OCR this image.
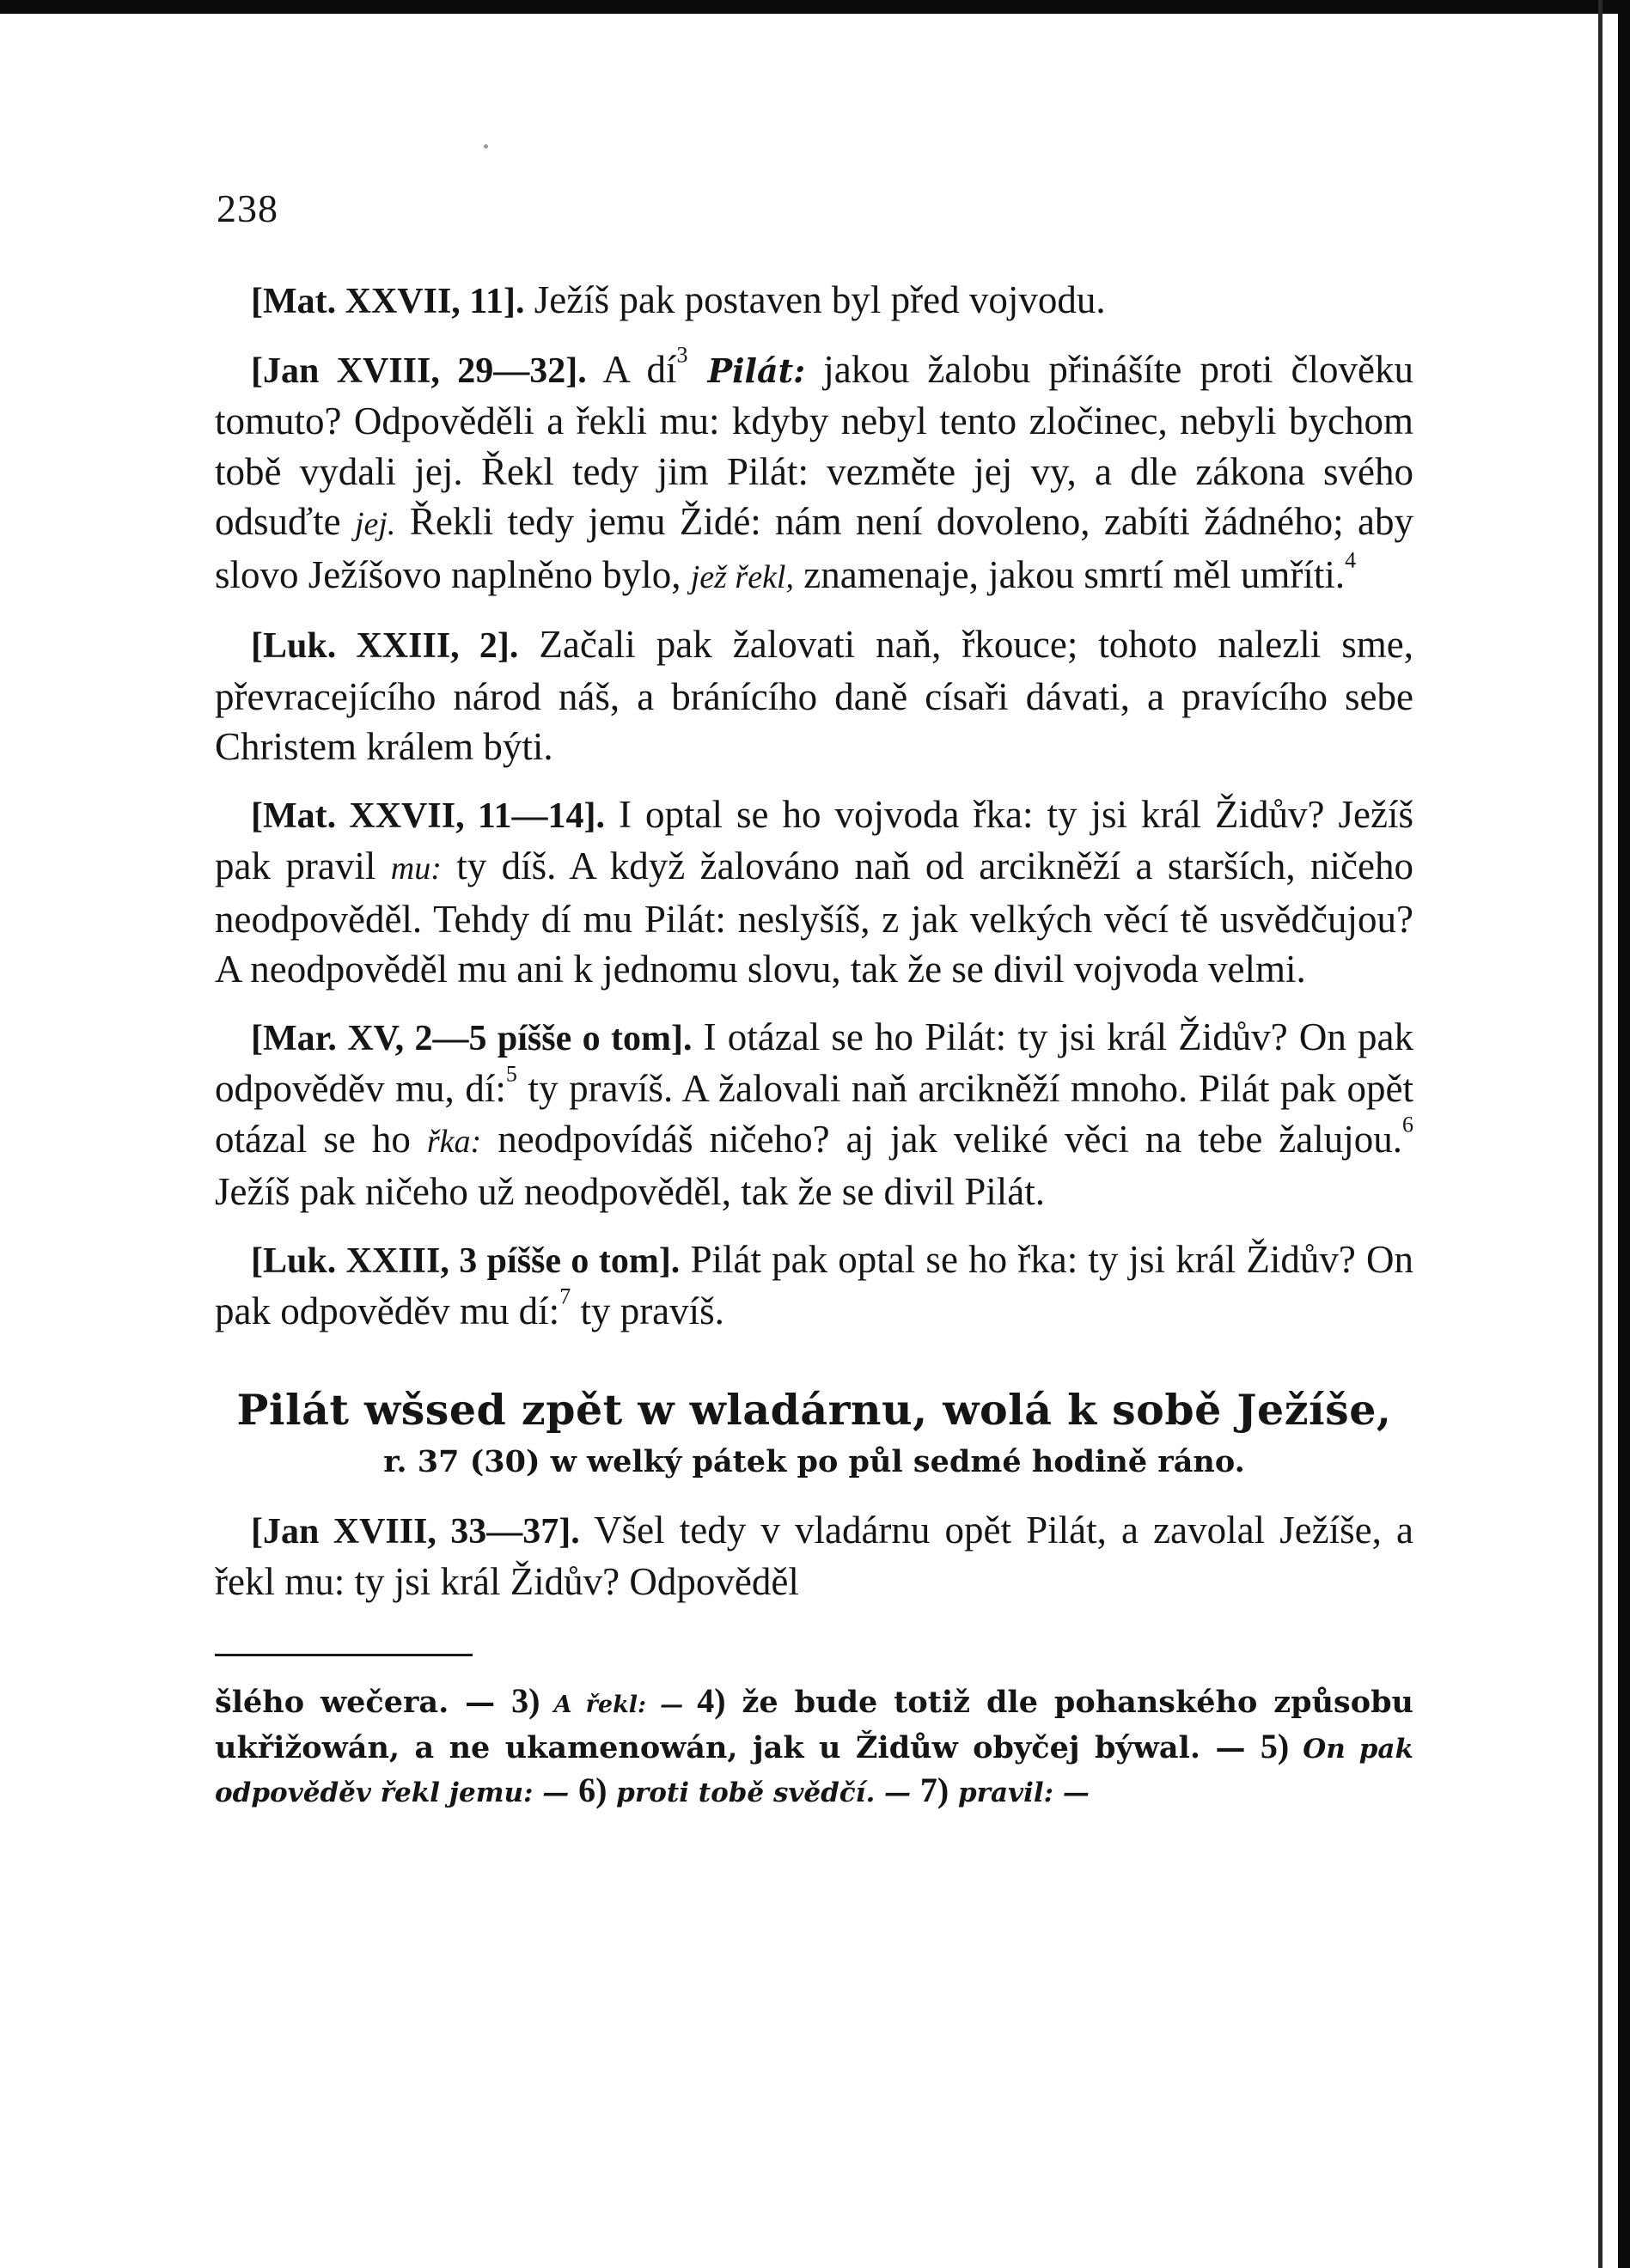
238

[Mat. XXVII, 11]. Ježíš pak postaven byl před vojvodu.

[Jan XVIII, 29—32]. A $dí^3$ Pilát: jakou žalobu přinášíte proti člověku tomuto? Odpověděli a řekli mu: kdyby nebyl tento zločinec, nebyli bychom tobě vydali jej. Řekl tedy jim Pilát: vezměte jej vy, a dle zákona svého odsuďte jej. Řekli tedy jemu Židé: nám není dovoleno, zabíti žádného; aby slovo Ježíšovo naplněno bylo, jež řekl, znamenaje, jakou smrtí měl umříti.$^4$

[Luk. XXIII, 2]. Začali pak žalovati naň, řkouce; tohoto nalezli sme, převracejícího národ náš, a bránícího daně císaři dávati, a pravícího sebe Christem králem býti.

[Mat. XXVII, 11—14]. I optal se ho vojvoda řka: ty jsi král Židův? Ježíš pak pravil mu: ty díš. A když žalováno naň od arcikněží a starších, ničeho neodpověděl. Tehdy dí mu Pilát: neslyšíš, z jak velkých věcí tě usvědčujou? A neodpověděl mu ani k jednomu slovu, tak že se divil vojvoda velmi.

[Mar. XV, 2—5 píšše o tom]. I otázal se ho Pilát: ty jsi král Židův? On pak odpověděv mu, dí:$^5$ ty pravíš. A žalovali naň arcikněží mnoho. Pilát pak opět otázal se ho řka: neodpovídáš ničeho? aj jak veliké věci na tebe žalujou.$^6$ Ježíš pak ničeho už neodpověděl, tak že se divil Pilát.

[Luk. XXIII, 3 píšše o tom]. Pilát pak optal se ho řka: ty jsi král Židův? On pak odpověděv mu dí:$^7$ ty pravíš.

Pilát wšsed zpět w wladárnu, wolá k sobě Ježíše,
r. 37 (30) w welký pátek po půl sedmé hodině ráno.

[Jan XVIII, 33—37]. Všel tedy v vladárnu opět Pilát, a zavolal Ježíše, a řekl mu: ty jsi král Židův? Odpověděl

šlého wečera. — 3) A řekl: — 4) že bude totiž dle pohanského způsobu ukřižowán, a ne ukamenowán, jak u Židůw obyčej býwal. — 5) On pak odpověděv řekl jemu: — 6) proti tobě svědčí. — 7) pravil: —
